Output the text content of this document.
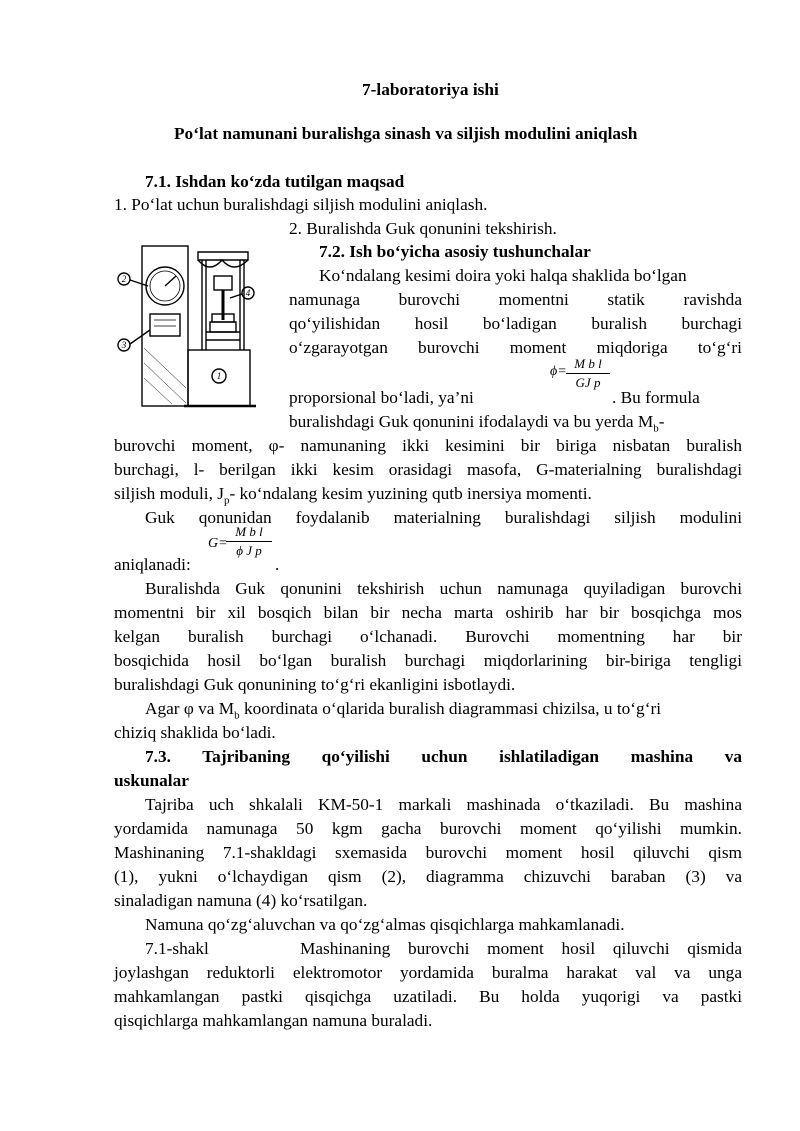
7-laboratoriya ishi
Po‘lat namunani buralishga sinash va siljish modulini aniqlash
7.1. Ishdan ko‘zda tutilgan maqsad
1. Po‘lat uchun buralishdagi siljish modulini aniqlash.
2. Buralishda Guk qonunini tekshirish.
2
4
3
1
7.2. Ish bo‘yicha asosiy tushunchalar
Ko‘ndalang kesimi doira yoki halqa shaklida bo‘lgan
namunaga burovchi momentni statik ravishda
qo‘yilishidan hosil bo‘ladigan buralish burchagi
o‘zgarayotgan burovchi moment miqdoriga to‘g‘ri
proporsional bo‘ladi, ya’ni
$\phi= \frac{\text{M b l}}{\text{GJ p}}$
. Bu formula
buralishdagi Guk qonunini ifodalaydi va bu yerda $M_b-$
burovchi moment, φ- namunaning ikki kesimini bir biriga nisbatan buralish
burchagi, l- berilgan ikki kesim orasidagi masofa, G-materialning buralishdagi
siljish moduli, $J_p-$ ko‘ndalang kesim yuzining qutb inersiya momenti.
Guk qonunidan foydalanib materialning buralishdagi siljish modulini
aniqlanadi:
G=
$\frac{\text{M b l}}{\text{ϕ J p}}$
.
Buralishda Guk qonunini tekshirish uchun namunaga quyiladigan burovchi
momentni bir xil bosqich bilan bir necha marta oshirib har bir bosqichga mos
kelgan buralish burchagi o‘lchanadi. Burovchi momentning har bir
bosqichida hosil bo‘lgan buralish burchagi miqdorlarining bir-biriga tengligi
buralishdagi Guk qonunining to‘g‘ri ekanligini isbotlaydi.
Agar φ va $M_b$ koordinata o‘qlarida buralish diagrammasi chizilsa, u to‘g‘ri
chiziq shaklida bo‘ladi.
7.3. Tajribaning qo‘yilishi uchun ishlatiladigan mashina va
uskunalar
Tajriba uch shkalali KM-50-1 markali mashinada o‘tkaziladi. Bu mashina
yordamida namunaga 50 kgm gacha burovchi moment qo‘yilishi mumkin.
Mashinaning 7.1-shakldagi sxemasida burovchi moment hosil qiluvchi qism
(1), yukni o‘lchaydigan qism (2), diagramma chizuvchi baraban (3) va
sinaladigan namuna (4) ko‘rsatilgan.
Namuna qo‘zg‘aluvchan va qo‘zg‘almas qisqichlarga mahkamlanadi.
7.1-shakl	Mashinaning burovchi moment hosil qiluvchi qismida
joylashgan reduktorli elektromotor yordamida buralma harakat val va unga
mahkamlangan pastki qisqichga uzatiladi. Bu holda yuqorigi va pastki
qisqichlarga mahkamlangan namuna buraladi.
